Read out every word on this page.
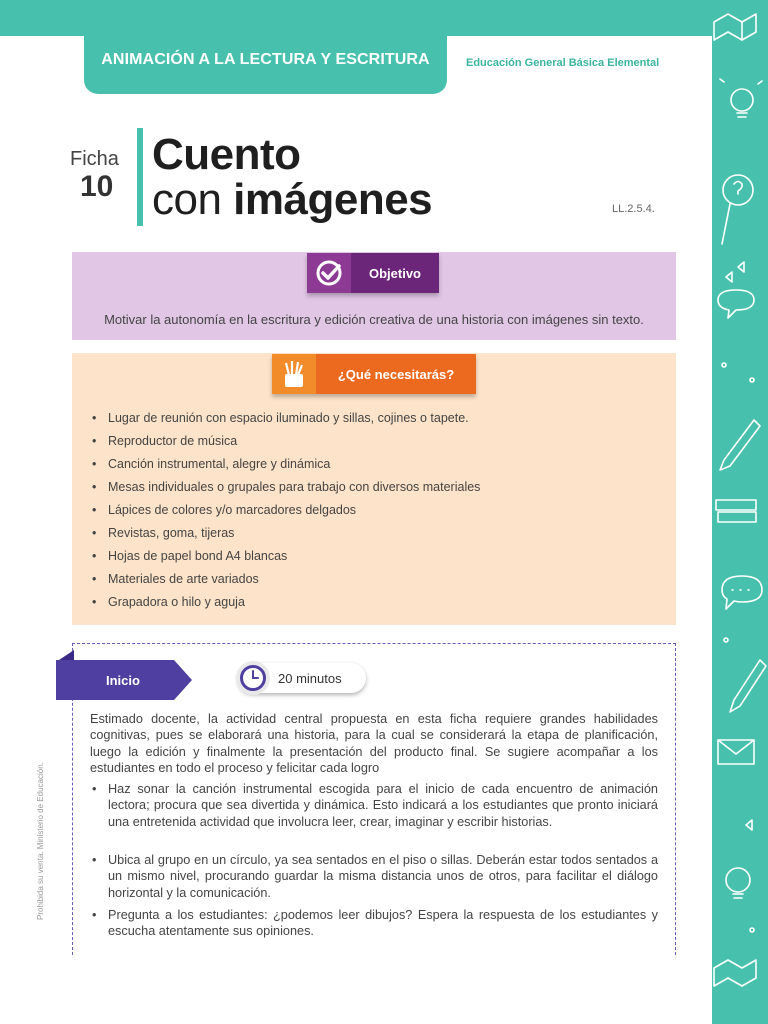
ANIMACIÓN A LA LECTURA Y ESCRITURA	Educación General Básica Elemental
Ficha
10
Cuento
con imágenes	LL.2.5.4.
Objetivo
Motivar la autonomía en la escritura y edición creativa de una historia con imágenes sin texto.
¿Qué necesitarás?
• Lugar de reunión con espacio iluminado y sillas, cojines o tapete.
• Reproductor de música
• Canción instrumental, alegre y dinámica
• Mesas individuales o grupales para trabajo con diversos materiales
• Lápices de colores y/o marcadores delgados
• Revistas, goma, tijeras
• Hojas de papel bond A4 blancas
• Materiales de arte variados
• Grapadora o hilo y aguja
Inicio	20 minutos

Estimado docente, la actividad central propuesta en esta ficha requiere grandes habilidades cognitivas, pues se elaborará una historia, para la cual se considerará la etapa de planificación, luego la edición y finalmente la presentación del producto final. Se sugiere acompañar a los estudiantes en todo el proceso y felicitar cada logro

• Haz sonar la canción instrumental escogida para el inicio de cada encuentro de animación lectora; procura que sea divertida y dinámica. Esto indicará a los estudiantes que pronto iniciará una entretenida actividad que involucra leer, crear, imaginar y escribir historias.

• Ubica al grupo en un círculo, ya sea sentados en el piso o sillas. Deberán estar todos sentados a un mismo nivel, procurando guardar la misma distancia unos de otros, para facilitar el diálogo horizontal y la comunicación.

• Pregunta a los estudiantes: ¿podemos leer dibujos? Espera la respuesta de los estudiantes y escucha atentamente sus opiniones.

Prohibida su venta. Ministerio de Educación.
